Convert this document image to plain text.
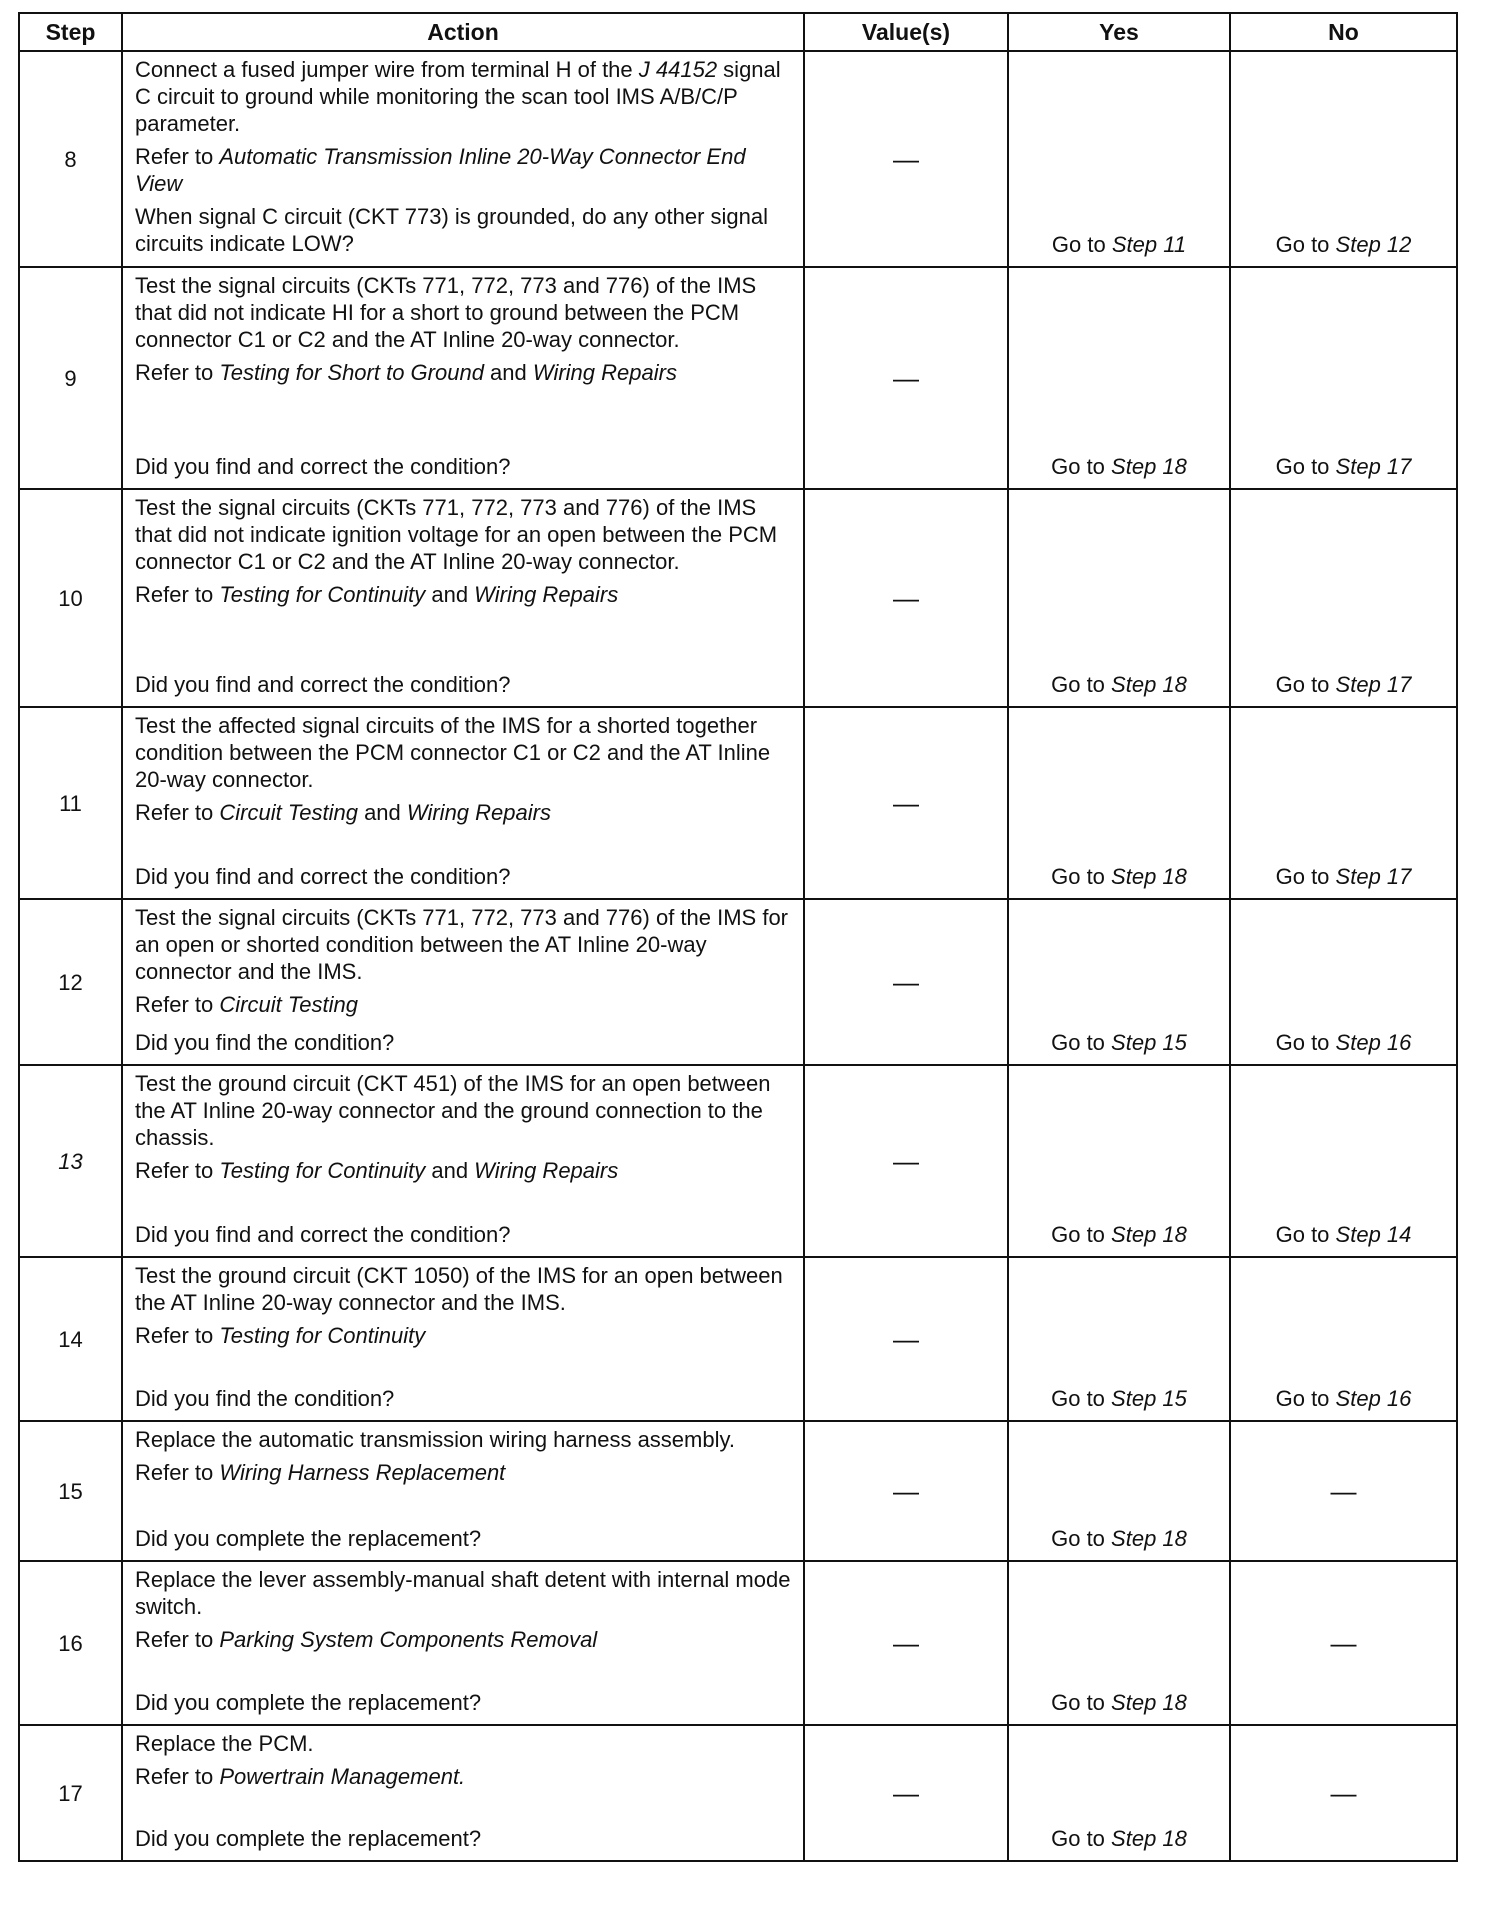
Step	Action	Value(s)	Yes	No
8	Connect a fused jumper wire from terminal H of the J 44152 signal C circuit to ground while monitoring the scan tool IMS A/B/C/P parameter.

Refer to Automatic Transmission Inline 20-Way Connector End View

When signal C circuit (CKT 773) is grounded, do any other signal circuits indicate LOW?	—	Go to Step 11	Go to Step 12
9	Test the signal circuits (CKTs 771, 772, 773 and 776) of the IMS that did not indicate HI for a short to ground between the PCM connector C1 or C2 and the AT Inline 20-way connector.

Refer to Testing for Short to Ground and Wiring Repairs

Did you find and correct the condition?	—	Go to Step 18	Go to Step 17
10	Test the signal circuits (CKTs 771, 772, 773 and 776) of the IMS that did not indicate ignition voltage for an open between the PCM connector C1 or C2 and the AT Inline 20-way connector.

Refer to Testing for Continuity and Wiring Repairs

Did you find and correct the condition?	—	Go to Step 18	Go to Step 17
11	Test the affected signal circuits of the IMS for a shorted together condition between the PCM connector C1 or C2 and the AT Inline 20-way connector.

Refer to Circuit Testing and Wiring Repairs

Did you find and correct the condition?	—	Go to Step 18	Go to Step 17
12	Test the signal circuits (CKTs 771, 772, 773 and 776) of the IMS for an open or shorted condition between the AT Inline 20-way connector and the IMS.

Refer to Circuit Testing

Did you find the condition?	—	Go to Step 15	Go to Step 16
13	Test the ground circuit (CKT 451) of the IMS for an open between the AT Inline 20-way connector and the ground connection to the chassis.

Refer to Testing for Continuity and Wiring Repairs

Did you find and correct the condition?	—	Go to Step 18	Go to Step 14
14	Test the ground circuit (CKT 1050) of the IMS for an open between the AT Inline 20-way connector and the IMS.

Refer to Testing for Continuity

Did you find the condition?	—	Go to Step 15	Go to Step 16
15	Replace the automatic transmission wiring harness assembly.

Refer to Wiring Harness Replacement

Did you complete the replacement?	—	Go to Step 18	—
16	Replace the lever assembly-manual shaft detent with internal mode switch.

Refer to Parking System Components Removal

Did you complete the replacement?	—	Go to Step 18	—
17	Replace the PCM.

Refer to Powertrain Management.

Did you complete the replacement?	—	Go to Step 18	—
